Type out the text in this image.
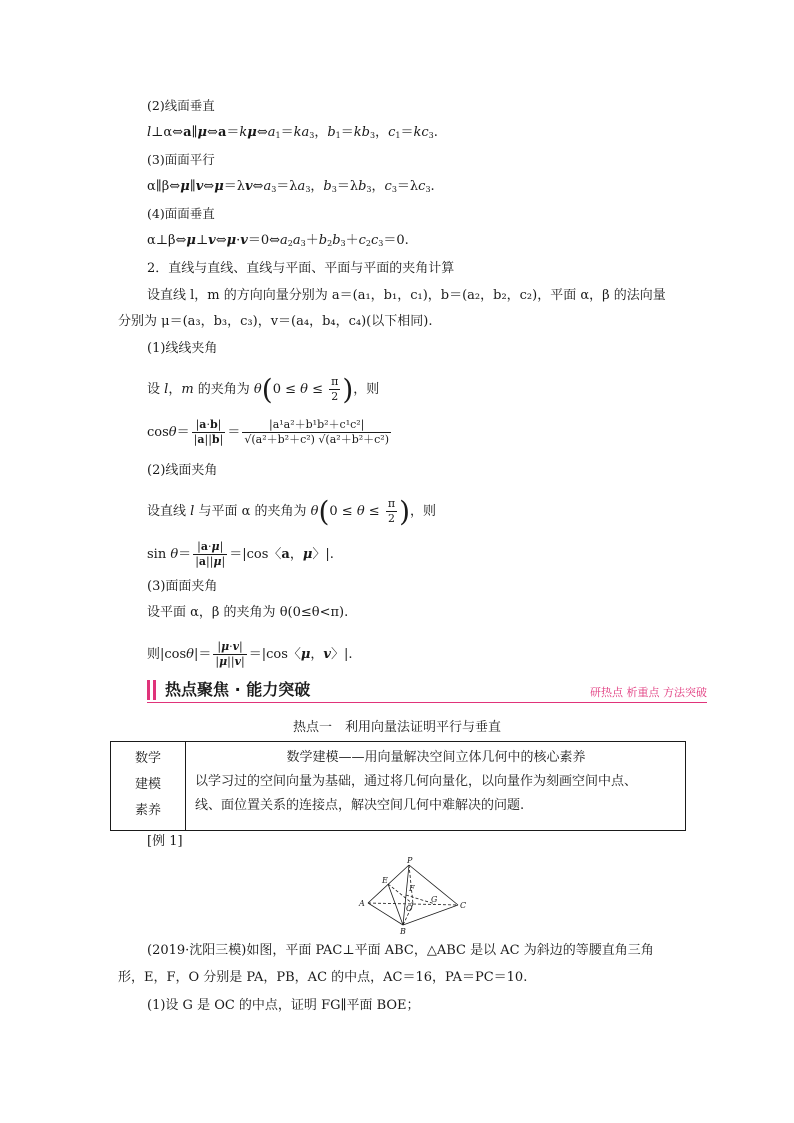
(2)线面垂直
l⊥α⇔a∥μ⇔a＝kμ⇔a1＝ka3，b1＝kb3，c1＝kc3.
(3)面面平行
α∥β⇔μ∥v⇔μ＝λv⇔a3＝λa3，b3＝λb3，c3＝λc3.
(4)面面垂直
α⊥β⇔μ⊥v⇔μ·v＝0⇔a2a3＋b2b3＋c2c3＝0.
2．直线与直线、直线与平面、平面与平面的夹角计算
设直线 l，m 的方向向量分别为 a＝(a₁，b₁，c₁)，b＝(a₂，b₂，c₂)，平面 α，β 的法向量
分别为 μ＝(a₃，b₃，c₃)，v＝(a₄，b₄，c₄)(以下相同).
(1)线线夹角
设 l，m 的夹角为 $\theta(0 \le \theta \le \frac{\pi}{2}$ )，则
$\cos\theta= \frac{|a\cdot b|}{|a||b|} = \frac{\text{|a¹a²＋b¹b²＋c¹c²|}}{\text{√(a²＋b²＋c²) √(a²＋b²＋c²)}}$
(2)线面夹角
设直线 l 与平面 α 的夹角为 $\theta(0 \le \theta \le \frac{\pi}{2}$ )，则
$\sin \theta= \frac{|a\cdot\mu|}{|a||\mu|} =|\cos$〈a，μ〉|.
(3)面面夹角
设平面 α，β 的夹角为 θ(0≤θ<π).
则$|\cos\theta|= \frac{|\mu\cdot v|}{|\mu||v|} =|\cos$〈μ，v〉|.
热点聚焦 · 能力突破	研热点 析重点 方法突破
热点一　利用向量法证明平行与垂直
数学
建模
素养
数学建模——用向量解决空间立体几何中的核心素养
以学习过的空间向量为基础，通过将几何向量化，以向量作为刻画空间中点、
线、面位置关系的连接点，解决空间几何中难解决的问题.
[例 1]
P
E
F
A
O
G
C
B
(2019·沈阳三模)如图，平面 PAC⊥平面 ABC，△ABC 是以 AC 为斜边的等腰直角三角
形，E，F，O 分别是 PA，PB，AC 的中点，AC＝16，PA＝PC＝10.
(1)设 G 是 OC 的中点，证明 FG∥平面 BOE；
